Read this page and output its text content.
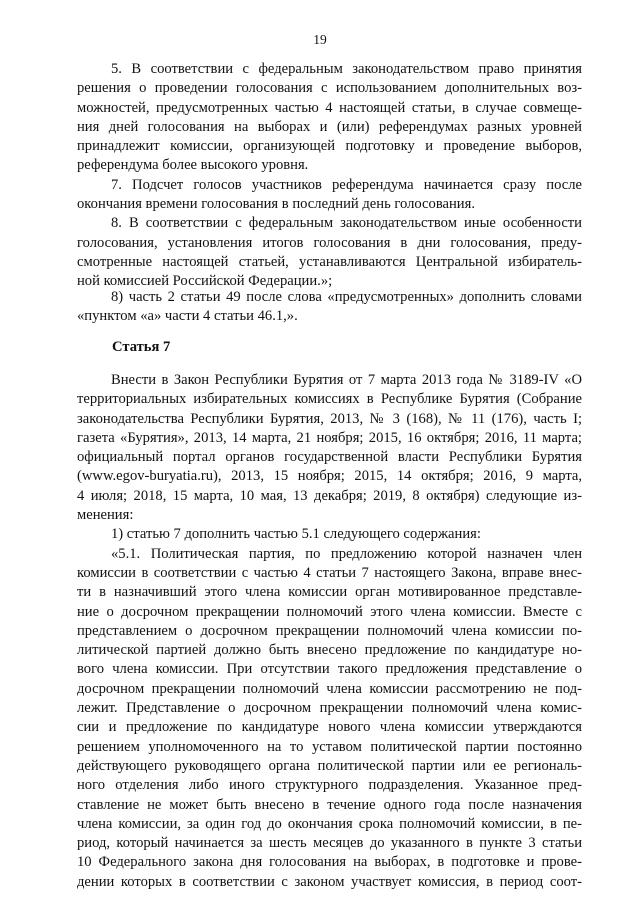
19
5. В соответствии с федеральным законодательством право принятия
решения о проведении голосования с использованием дополнительных воз-
можностей, предусмотренных частью 4 настоящей статьи, в случае совмеще-
ния дней голосования на выборах и (или) референдумах разных уровней
принадлежит комиссии, организующей подготовку и проведение выборов,
референдума более высокого уровня.
7. Подсчет голосов участников референдума начинается сразу после
окончания времени голосования в последний день голосования.
8. В соответствии с федеральным законодательством иные особенности
голосования, установления итогов голосования в дни голосования, преду-
смотренные настоящей статьей, устанавливаются Центральной избиратель-
ной комиссией Российской Федерации.»;
8) часть 2 статьи 49 после слова «предусмотренных» дополнить словами
«пунктом «а» части 4 статьи 46.1,».
Статья 7
Внести в Закон Республики Бурятия от 7 марта 2013 года № 3189-IV «О
территориальных избирательных комиссиях в Республике Бурятия (Собрание
законодательства Республики Бурятия, 2013, № 3 (168), № 11 (176), часть I;
газета «Бурятия», 2013, 14 марта, 21 ноября; 2015, 16 октября; 2016, 11 марта;
официальный портал органов государственной власти Республики Бурятия
(www.egov-buryatia.ru), 2013, 15 ноября; 2015, 14 октября; 2016, 9 марта,
4 июля; 2018, 15 марта, 10 мая, 13 декабря; 2019, 8 октября) следующие из-
менения:
1) статью 7 дополнить частью 5.1 следующего содержания:
«5.1. Политическая партия, по предложению которой назначен член
комиссии в соответствии с частью 4 статьи 7 настоящего Закона, вправе внес-
ти в назначивший этого члена комиссии орган мотивированное представле-
ние о досрочном прекращении полномочий этого члена комиссии. Вместе с
представлением о досрочном прекращении полномочий члена комиссии по-
литической партией должно быть внесено предложение по кандидатуре но-
вого члена комиссии. При отсутствии такого предложения представление о
досрочном прекращении полномочий члена комиссии рассмотрению не под-
лежит. Представление о досрочном прекращении полномочий члена комис-
сии и предложение по кандидатуре нового члена комиссии утверждаются
решением уполномоченного на то уставом политической партии постоянно
действующего руководящего органа политической партии или ее региональ-
ного отделения либо иного структурного подразделения. Указанное пред-
ставление не может быть внесено в течение одного года после назначения
члена комиссии, за один год до окончания срока полномочий комиссии, в пе-
риод, который начинается за шесть месяцев до указанного в пункте 3 статьи
10 Федерального закона дня голосования на выборах, в подготовке и прове-
дении которых в соответствии с законом участвует комиссия, в период соот-
